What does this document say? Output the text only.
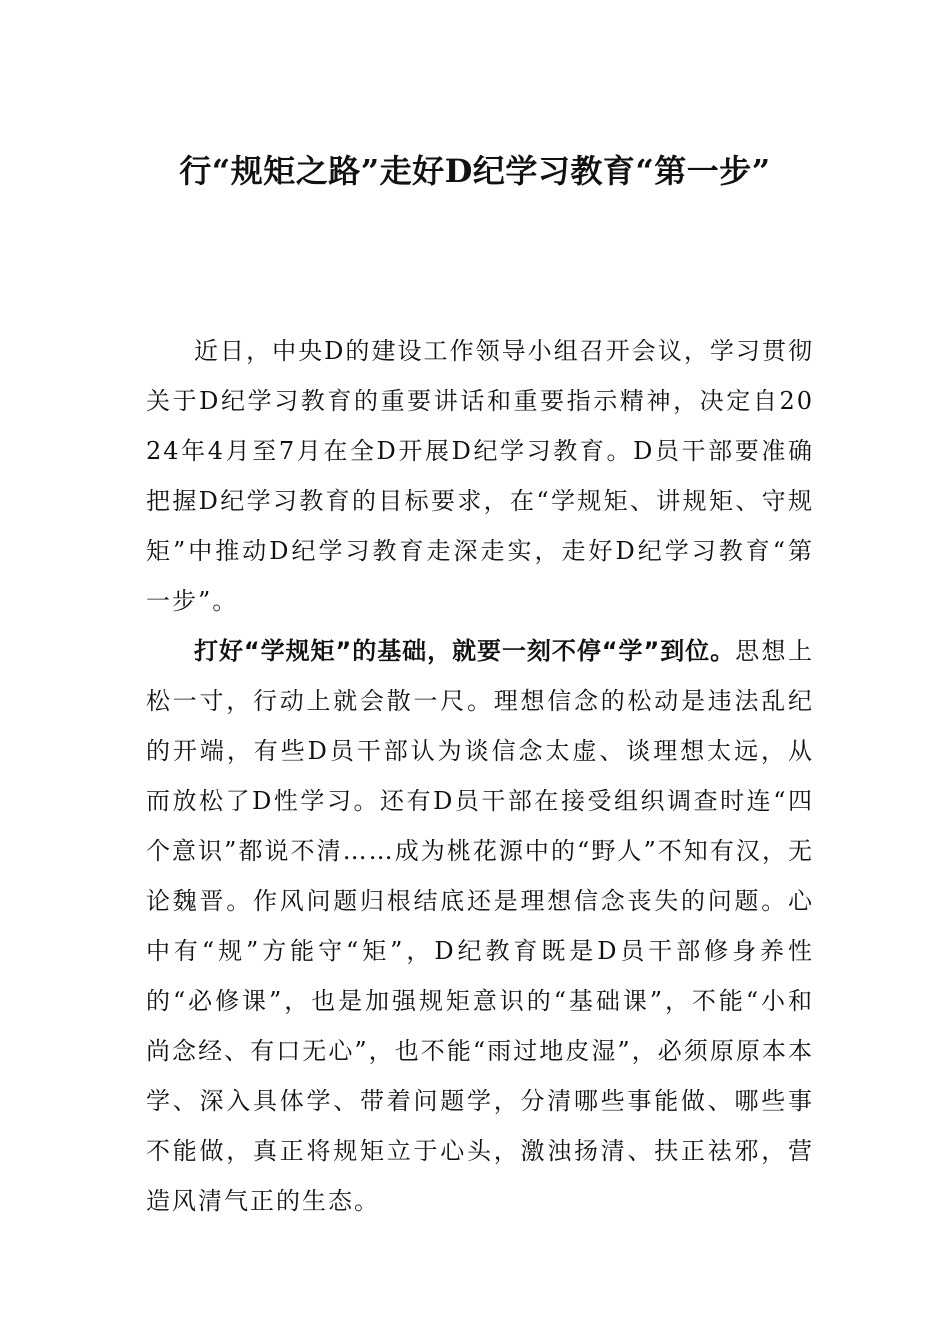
行“规矩之路”走好D纪学习教育“第一步”

近日，中央D的建设工作领导小组召开会议，学习贯彻关于D纪学习教育的重要讲话和重要指示精神，决定自2024年4月至7月在全D开展D纪学习教育。D员干部要准确把握D纪学习教育的目标要求，在“学规矩、讲规矩、守规矩”中推动D纪学习教育走深走实，走好D纪学习教育“第一步”。

打好“学规矩”的基础，就要一刻不停“学”到位。思想上松一寸，行动上就会散一尺。理想信念的松动是违法乱纪的开端，有些D员干部认为谈信念太虚、谈理想太远，从而放松了D性学习。还有D员干部在接受组织调查时连“四个意识”都说不清……成为桃花源中的“野人”不知有汉，无论魏晋。作风问题归根结底还是理想信念丧失的问题。心中有“规”方能守“矩”，D纪教育既是D员干部修身养性的“必修课”，也是加强规矩意识的“基础课”，不能“小和尚念经、有口无心”，也不能“雨过地皮湿”，必须原原本本学、深入具体学、带着问题学，分清哪些事能做、哪些事不能做，真正将规矩立于心头，激浊扬清、扶正祛邪，营造风清气正的生态。
